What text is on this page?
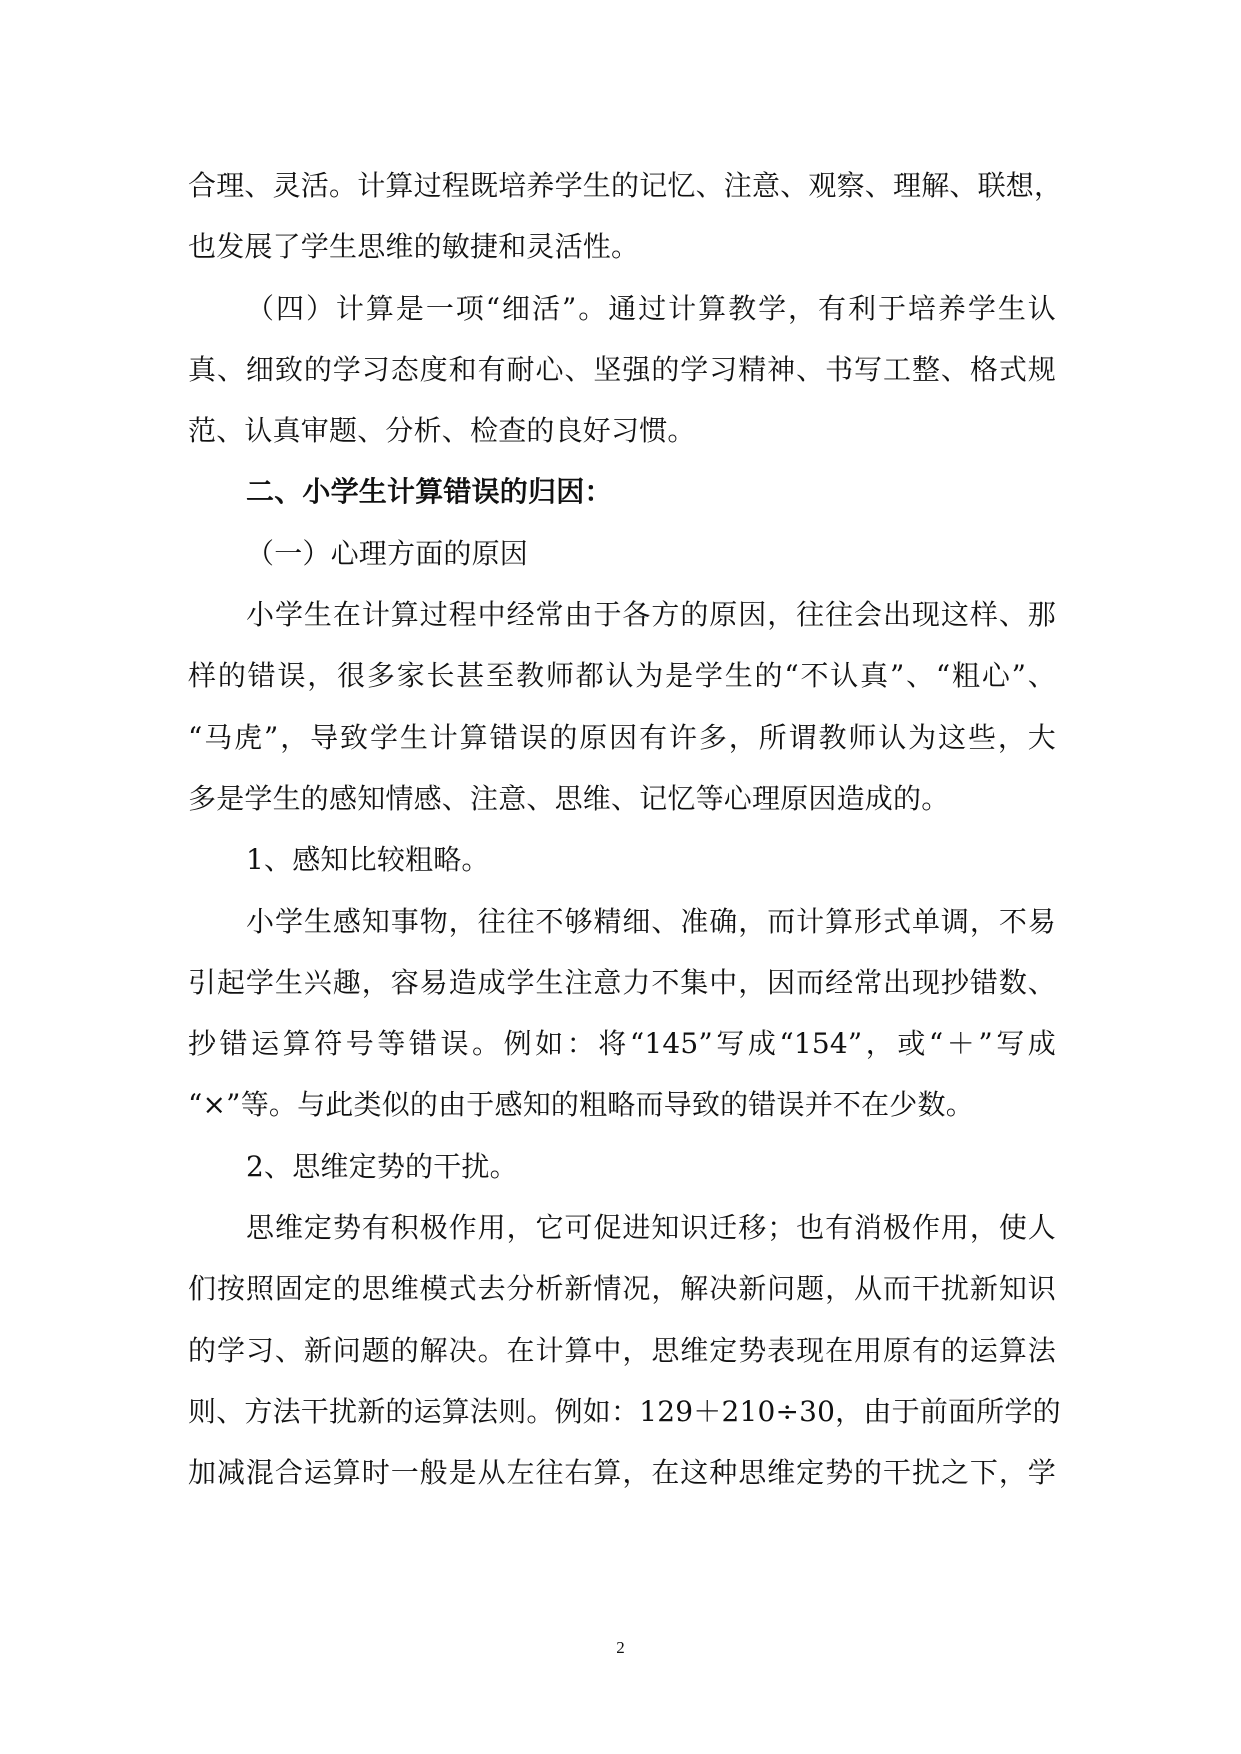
合理、灵活。计算过程既培养学生的记忆、注意、观察、理解、联想，
也发展了学生思维的敏捷和灵活性。
（四）计算是一项“细活”。通过计算教学，有利于培养学生认
真、细致的学习态度和有耐心、坚强的学习精神、书写工整、格式规
范、认真审题、分析、检查的良好习惯。
二、小学生计算错误的归因：
（一）心理方面的原因
小学生在计算过程中经常由于各方的原因，往往会出现这样、那
样的错误，很多家长甚至教师都认为是学生的“不认真”、“粗心”、
“马虎”，导致学生计算错误的原因有许多，所谓教师认为这些，大
多是学生的感知情感、注意、思维、记忆等心理原因造成的。
1、感知比较粗略。
小学生感知事物，往往不够精细、准确，而计算形式单调，不易
引起学生兴趣，容易造成学生注意力不集中，因而经常出现抄错数、
抄错运算符号等错误。例如：将“145”写成“154”，或“＋”写成
“×”等。与此类似的由于感知的粗略而导致的错误并不在少数。
2、思维定势的干扰。
思维定势有积极作用，它可促进知识迁移；也有消极作用，使人
们按照固定的思维模式去分析新情况，解决新问题，从而干扰新知识
的学习、新问题的解决。在计算中，思维定势表现在用原有的运算法
则、方法干扰新的运算法则。例如：129＋210÷30，由于前面所学的
加减混合运算时一般是从左往右算，在这种思维定势的干扰之下，学
2
